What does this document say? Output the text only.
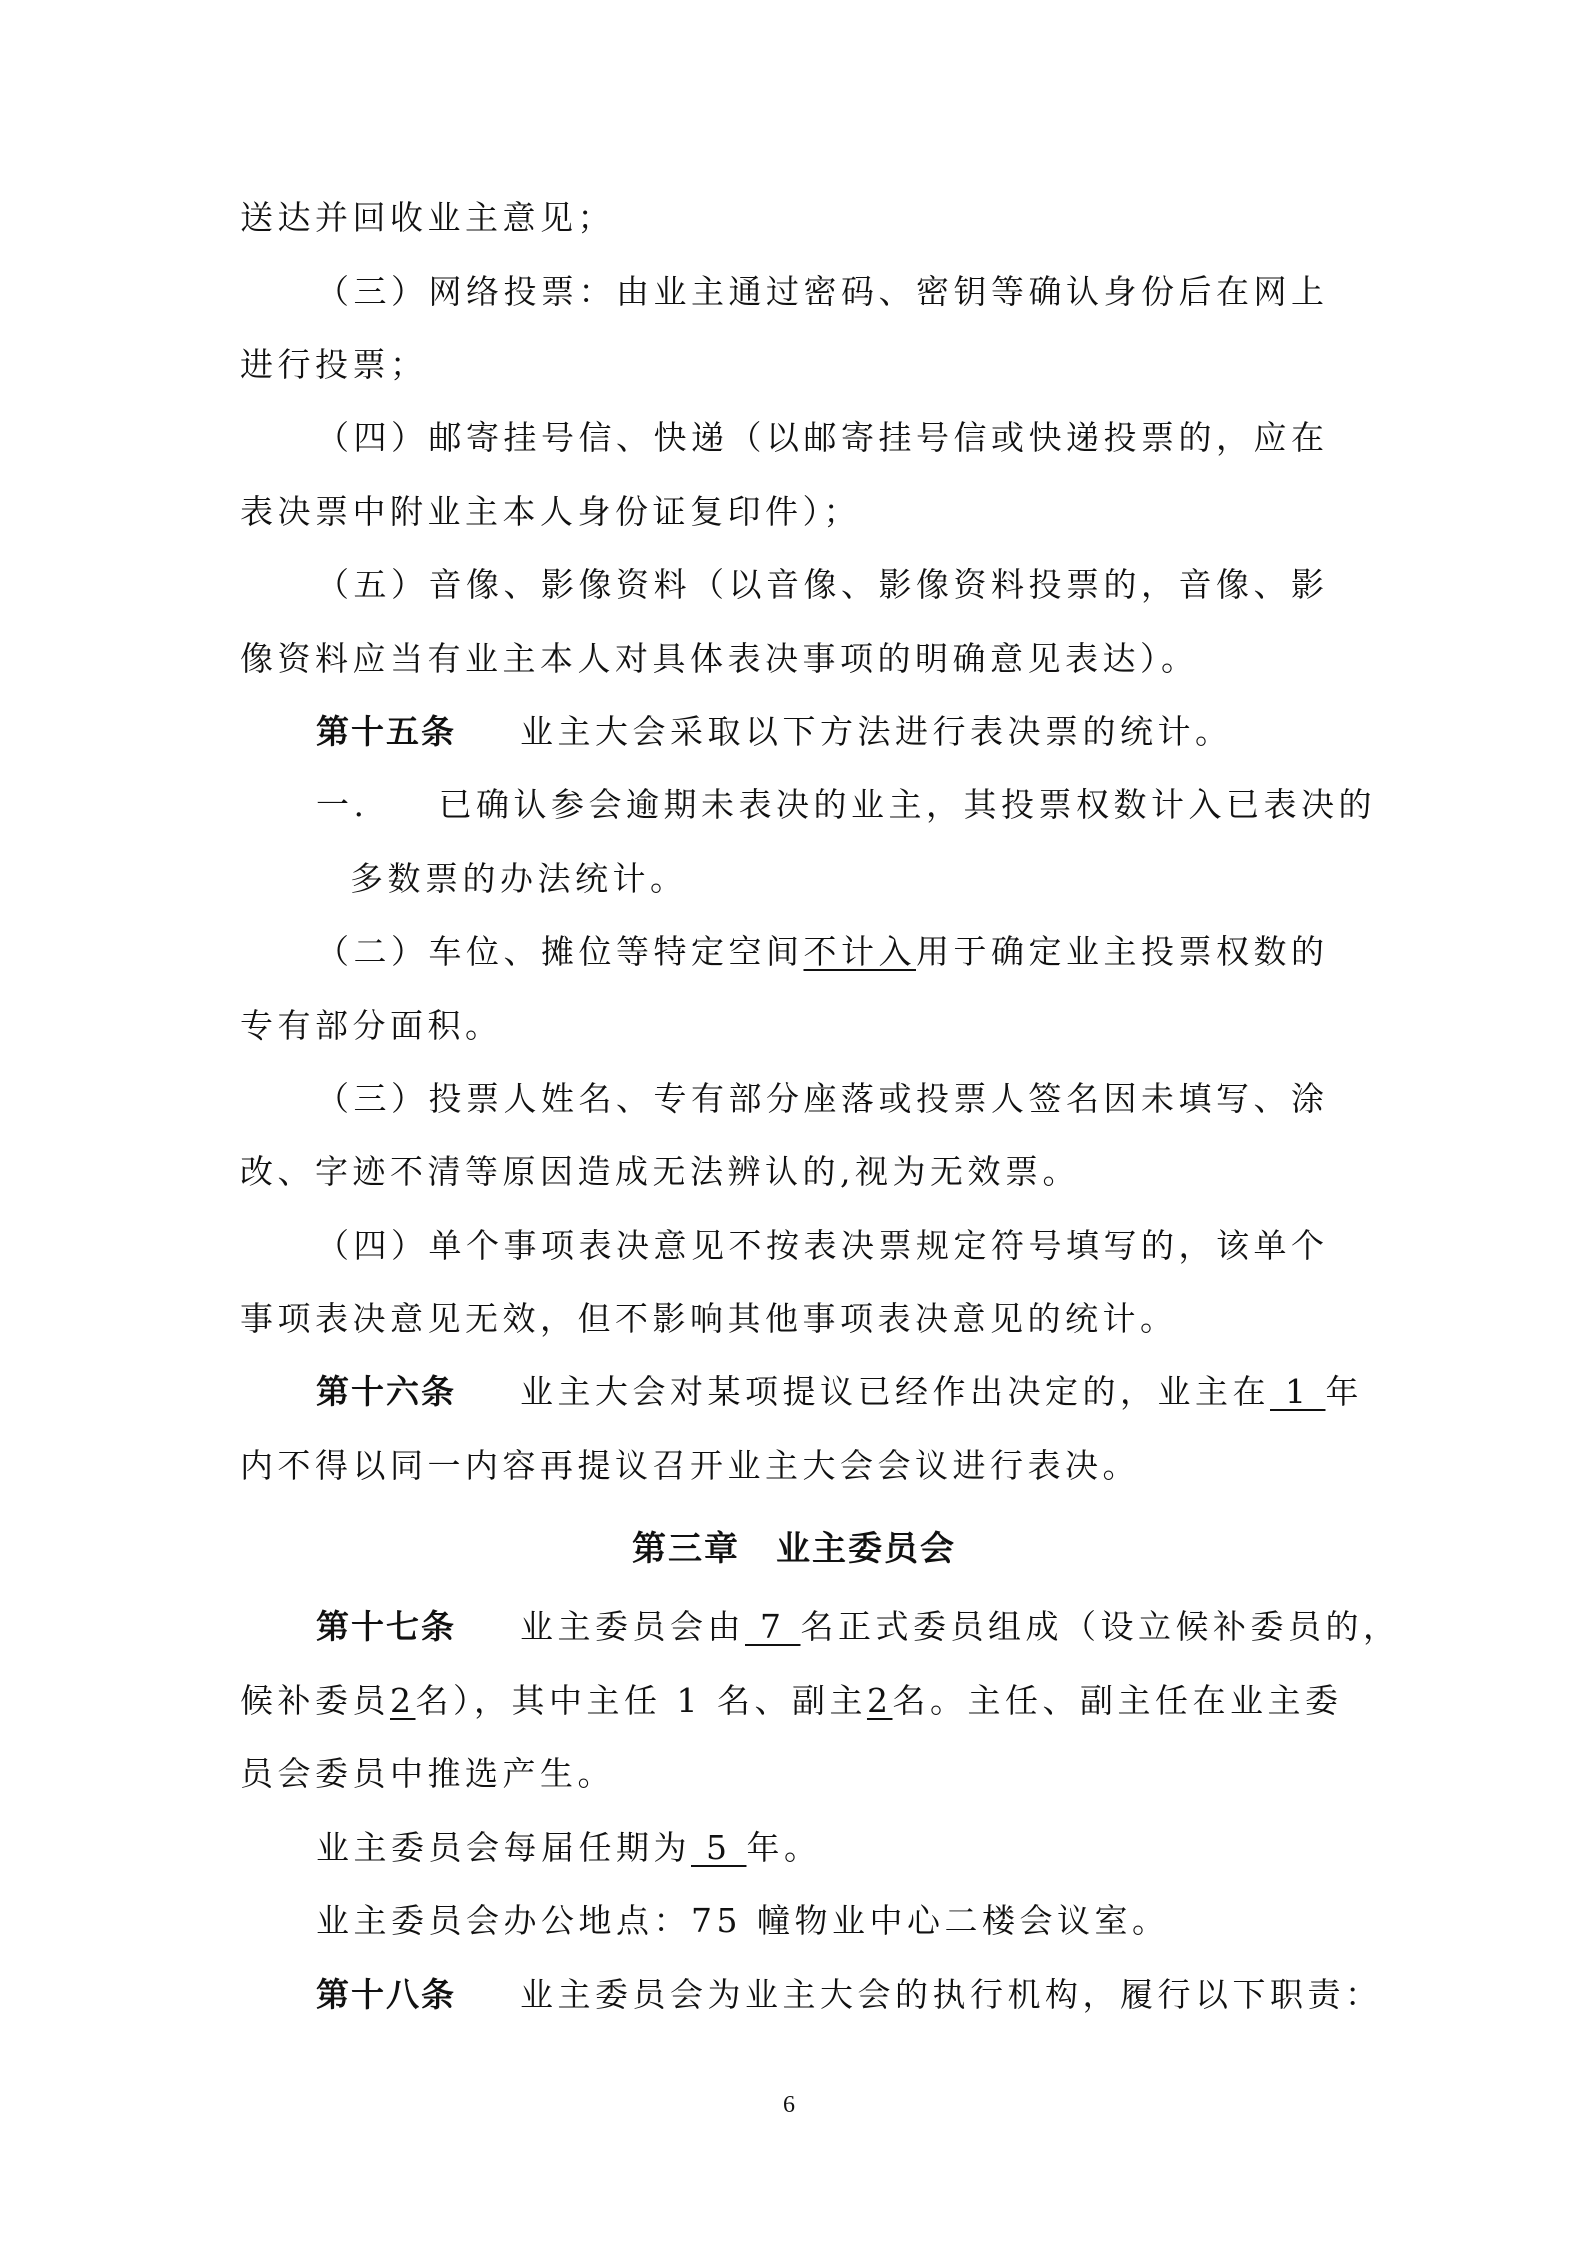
送达并回收业主意见；
（三）网络投票：由业主通过密码、密钥等确认身份后在网上
进行投票；
（四）邮寄挂号信、快递（以邮寄挂号信或快递投票的，应在
表决票中附业主本人身份证复印件）；
（五）音像、影像资料（以音像、影像资料投票的，音像、影
像资料应当有业主本人对具体表决事项的明确意见表达）。
第十五条 业主大会采取以下方法进行表决票的统计。
一. 已确认参会逾期未表决的业主，其投票权数计入已表决的
多数票的办法统计。
（二）车位、摊位等特定空间不计入用于确定业主投票权数的
专有部分面积。
（三）投票人姓名、专有部分座落或投票人签名因未填写、涂
改、字迹不清等原因造成无法辨认的,视为无效票。
（四）单个事项表决意见不按表决票规定符号填写的，该单个
事项表决意见无效，但不影响其他事项表决意见的统计。
第十六条 业主大会对某项提议已经作出决定的，业主在 1 年
内不得以同一内容再提议召开业主大会会议进行表决。
第三章　业主委员会
第十七条 业主委员会由 7 名正式委员组成（设立候补委员的，
候补委员2名），其中主任 1 名、副主2名。主任、副主任在业主委
员会委员中推选产生。
业主委员会每届任期为 5 年。
业主委员会办公地点：75 幢物业中心二楼会议室。
第十八条 业主委员会为业主大会的执行机构，履行以下职责：
6
